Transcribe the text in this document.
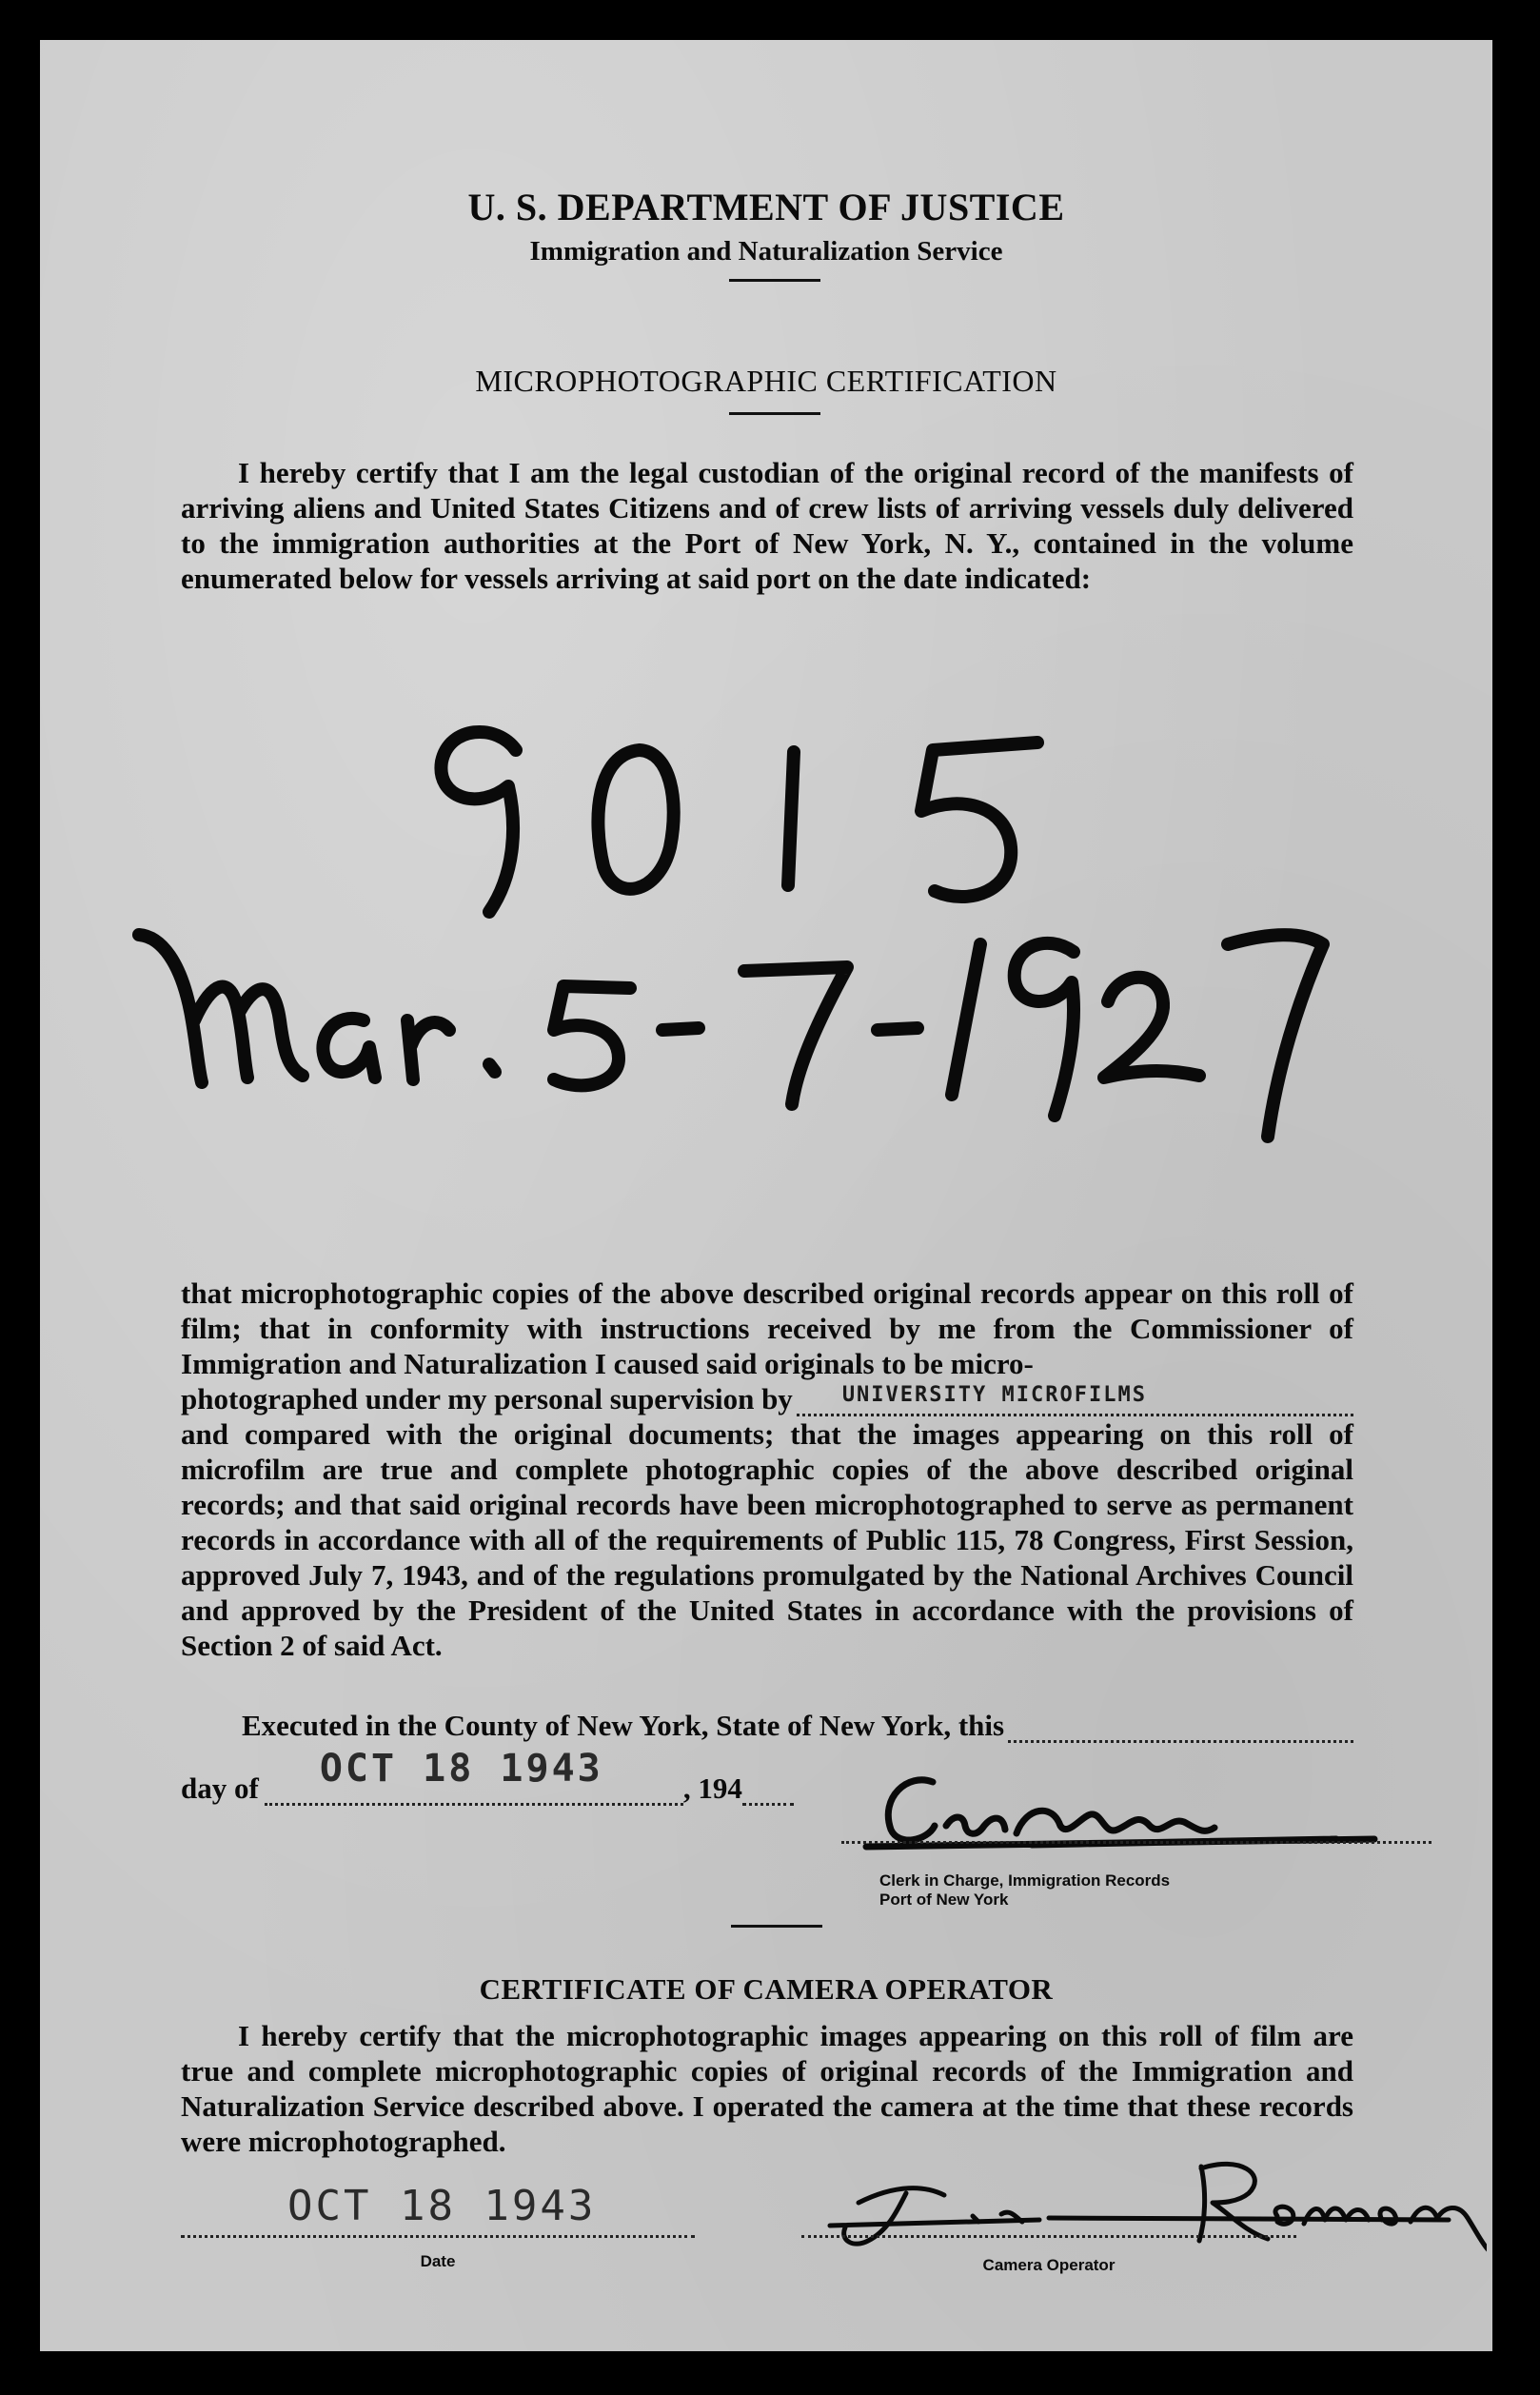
U. S. DEPARTMENT OF JUSTICE
Immigration and Naturalization Service
MICROPHOTOGRAPHIC CERTIFICATION

I hereby certify that I am the legal custodian of the original record of the manifests of arriving aliens and United States Citizens and of crew lists of arriving vessels duly delivered to the immigration authorities at the Port of New York, N. Y., contained in the volume enumerated below for vessels arriving at said port on the date indicated:

that microphotographic copies of the above described original records appear on this roll of film; that in conformity with instructions received by me from the Commissioner of Immigration and Naturalization I caused said originals to be micro-

photographed under my personal supervision by UNIVERSITY MICROFILMS

and compared with the original documents; that the images appearing on this roll of microfilm are true and complete photographic copies of the above described original records; and that said original records have been microphotographed to serve as permanent records in accordance with all of the requirements of Public 115, 78 Congress, First Session, approved July 7, 1943, and of the regulations promulgated by the National Archives Council and approved by the President of the United States in accordance with the provisions of Section 2 of said Act.

Executed in the County of New York, State of New York, this
day of OCT 18 1943	, 194
Clerk in Charge, Immigration Records
Port of New York
CERTIFICATE OF CAMERA OPERATOR

I hereby certify that the microphotographic images appearing on this roll of film are true and complete microphotographic copies of original records of the Immigration and Naturalization Service described above. I operated the camera at the time that these records were microphotographed.

OCT 18 1943
Date	Camera Operator
